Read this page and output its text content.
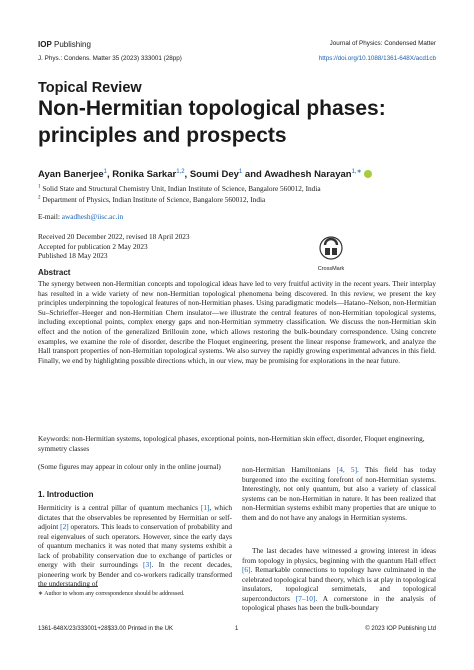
IOP Publishing	Journal of Physics: Condensed Matter
J. Phys.: Condens. Matter 35 (2023) 333001 (28pp)	https://doi.org/10.1088/1361-648X/acd1cb
Topical Review
Non-Hermitian topological phases: principles and prospects
Ayan Banerjee$^1$, Ronika Sarkar$^{1,2}$, Soumi Dey$^1$ and Awadhesh Narayan$^{1,∗}$
$^1$ Solid State and Structural Chemistry Unit, Indian Institute of Science, Bangalore 560012, India
$^2$ Department of Physics, Indian Institute of Science, Bangalore 560012, India
E-mail: awadhesh@iisc.ac.in
Received 20 December 2022, revised 18 April 2023
Accepted for publication 2 May 2023
Published 18 May 2023
CrossMark
Abstract
The synergy between non-Hermitian concepts and topological ideas have led to very fruitful activity in the recent years. Their interplay has resulted in a wide variety of new non-Hermitian topological phenomena being discovered. In this review, we present the key principles underpinning the topological features of non-Hermitian phases. Using paradigmatic models—Hatano–Nelson, non-Hermitian Su–Schrieffer–Heeger and non-Hermitian Chern insulator—we illustrate the central features of non-Hermitian topological systems, including exceptional points, complex energy gaps and non-Hermitian symmetry classification. We discuss the non-Hermitian skin effect and the notion of the generalized Brillouin zone, which allows restoring the bulk-boundary correspondence. Using concrete examples, we examine the role of disorder, describe the Floquet engineering, present the linear response framework, and analyze the Hall transport properties of non-Hermitian topological systems. We also survey the rapidly growing experimental advances in this field. Finally, we end by highlighting possible directions which, in our view, may be promising for explorations in the near future.
Keywords: non-Hermitian systems, topological phases, exceptional points, non-Hermitian skin effect, disorder, Floquet engineering, symmetry classes
(Some figures may appear in colour only in the online journal)
1. Introduction
Hermiticity is a central pillar of quantum mechanics [1], which dictates that the observables be represented by Hermitian or self-adjoint [2] operators. This leads to conservation of probability and real eigenvalues of such operators. However, since the early days of quantum mechanics it was noted that many systems exhibit a lack of probability conservation due to exchange of particles or energy with their surroundings [3]. In the recent decades, pioneering work by Bender and co-workers radically transformed the understanding of
non-Hermitian Hamiltonians [4, 5]. This field has today burgeoned into the exciting forefront of non-Hermitian systems. Interestingly, not only quantum, but also a variety of classical systems can be non-Hermitian in nature. It has been realized that non-Hermitian systems exhibit many properties that are unique to them and do not have any analogs in Hermitian systems.
The last decades have witnessed a growing interest in ideas from topology in physics, beginning with the quantum Hall effect [6]. Remarkable connections to topology have culminated in the celebrated topological band theory, which is at play in topological insulators, topological semimetals, and topological superconductors [7–10]. A cornerstone in the analysis of topological phases has been the bulk-boundary
∗ Author to whom any correspondence should be addressed.
1361-648X/23/333001+28$33.00 Printed in the UK	1	© 2023 IOP Publishing Ltd
